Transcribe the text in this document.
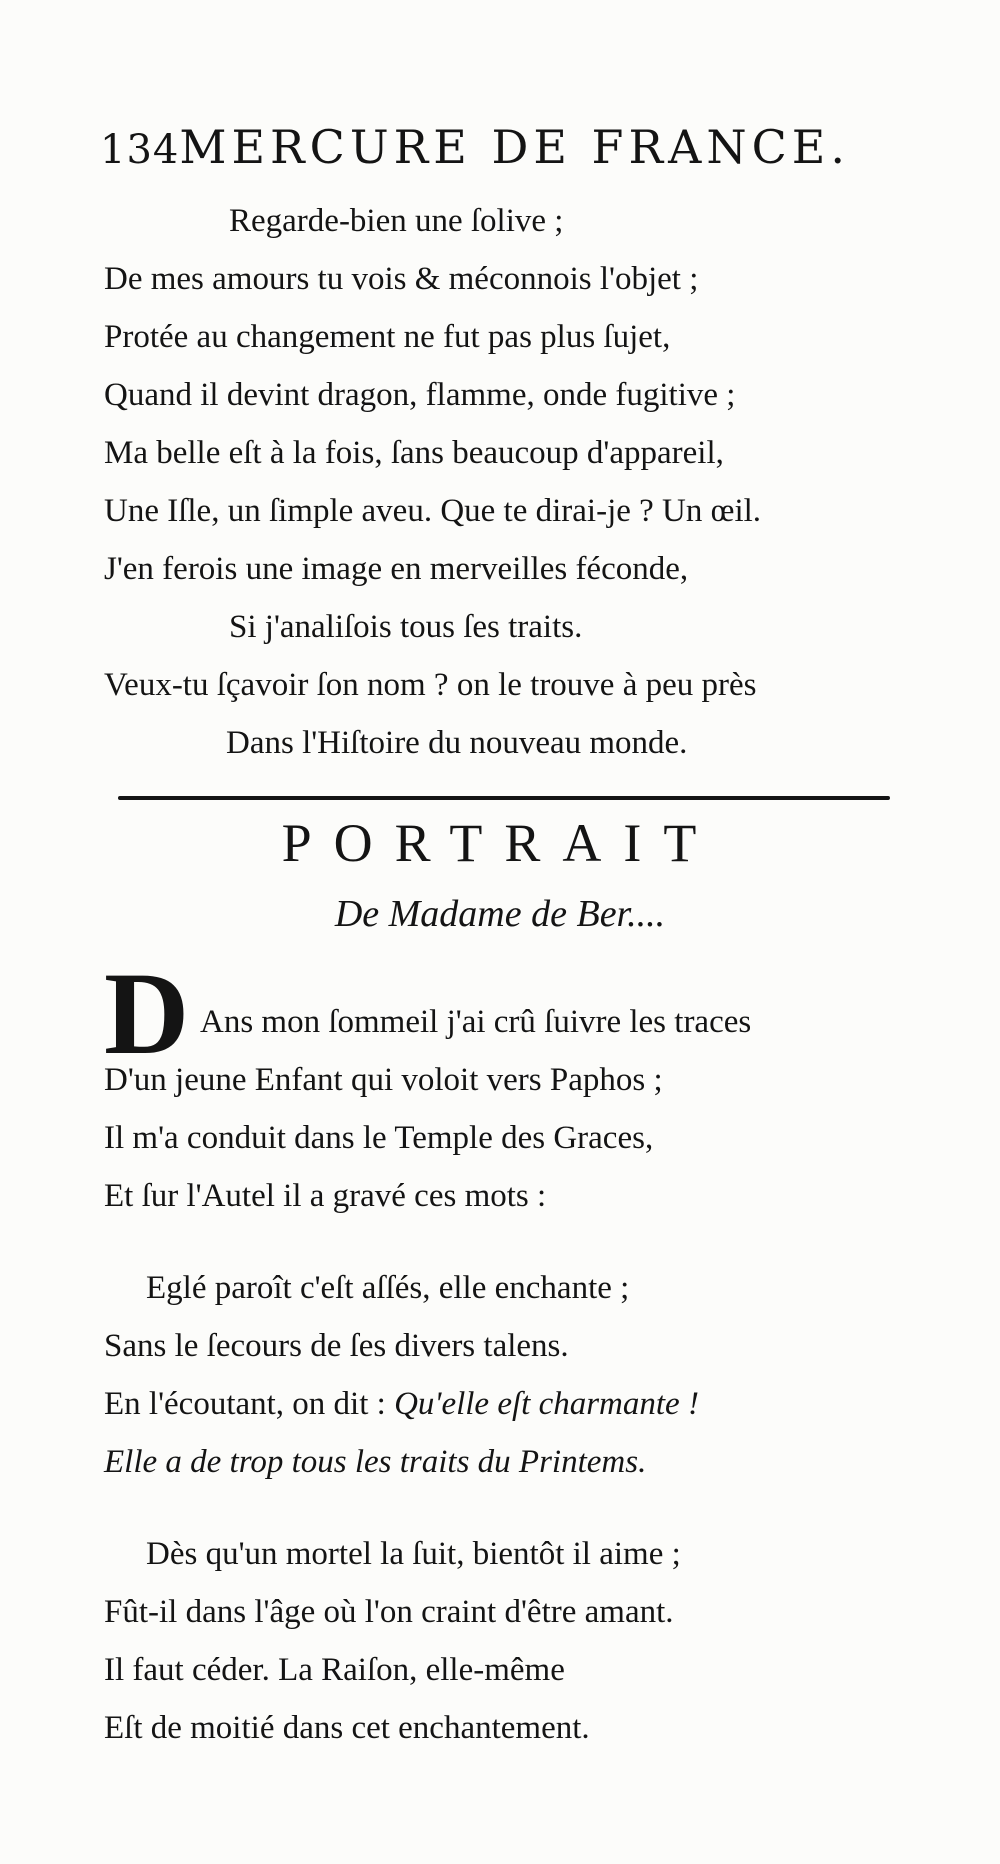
134MERCURE DE FRANCE.
Regarde-bien une ſolive ;
De mes amours tu vois & méconnois l'objet ;
Protée au changement ne fut pas plus ſujet,
Quand il devint dragon, flamme, onde fugitive ;
Ma belle eſt à la fois, ſans beaucoup d'appareil,
Une Iſle, un ſimple aveu. Que te dirai-je ? Un œil.
J'en ferois une image en merveilles féconde,
Si j'analiſois tous ſes traits.
Veux-tu ſçavoir ſon nom ? on le trouve à peu près
Dans l'Hiſtoire du nouveau monde.
PORTRAIT
De Madame de Ber....
D Ans mon ſommeil j'ai crû ſuivre les traces
D'un jeune Enfant qui voloit vers Paphos ;
Il m'a conduit dans le Temple des Graces,
Et ſur l'Autel il a gravé ces mots :
Eglé paroît c'eſt aſſés, elle enchante ;
Sans le ſecours de ſes divers talens.
En l'écoutant, on dit : Qu'elle eſt charmante !
Elle a de trop tous les traits du Printems.
Dès qu'un mortel la ſuit, bientôt il aime ;
Fût-il dans l'âge où l'on craint d'être amant.
Il faut céder. La Raiſon, elle-même
Eſt de moitié dans cet enchantement.
